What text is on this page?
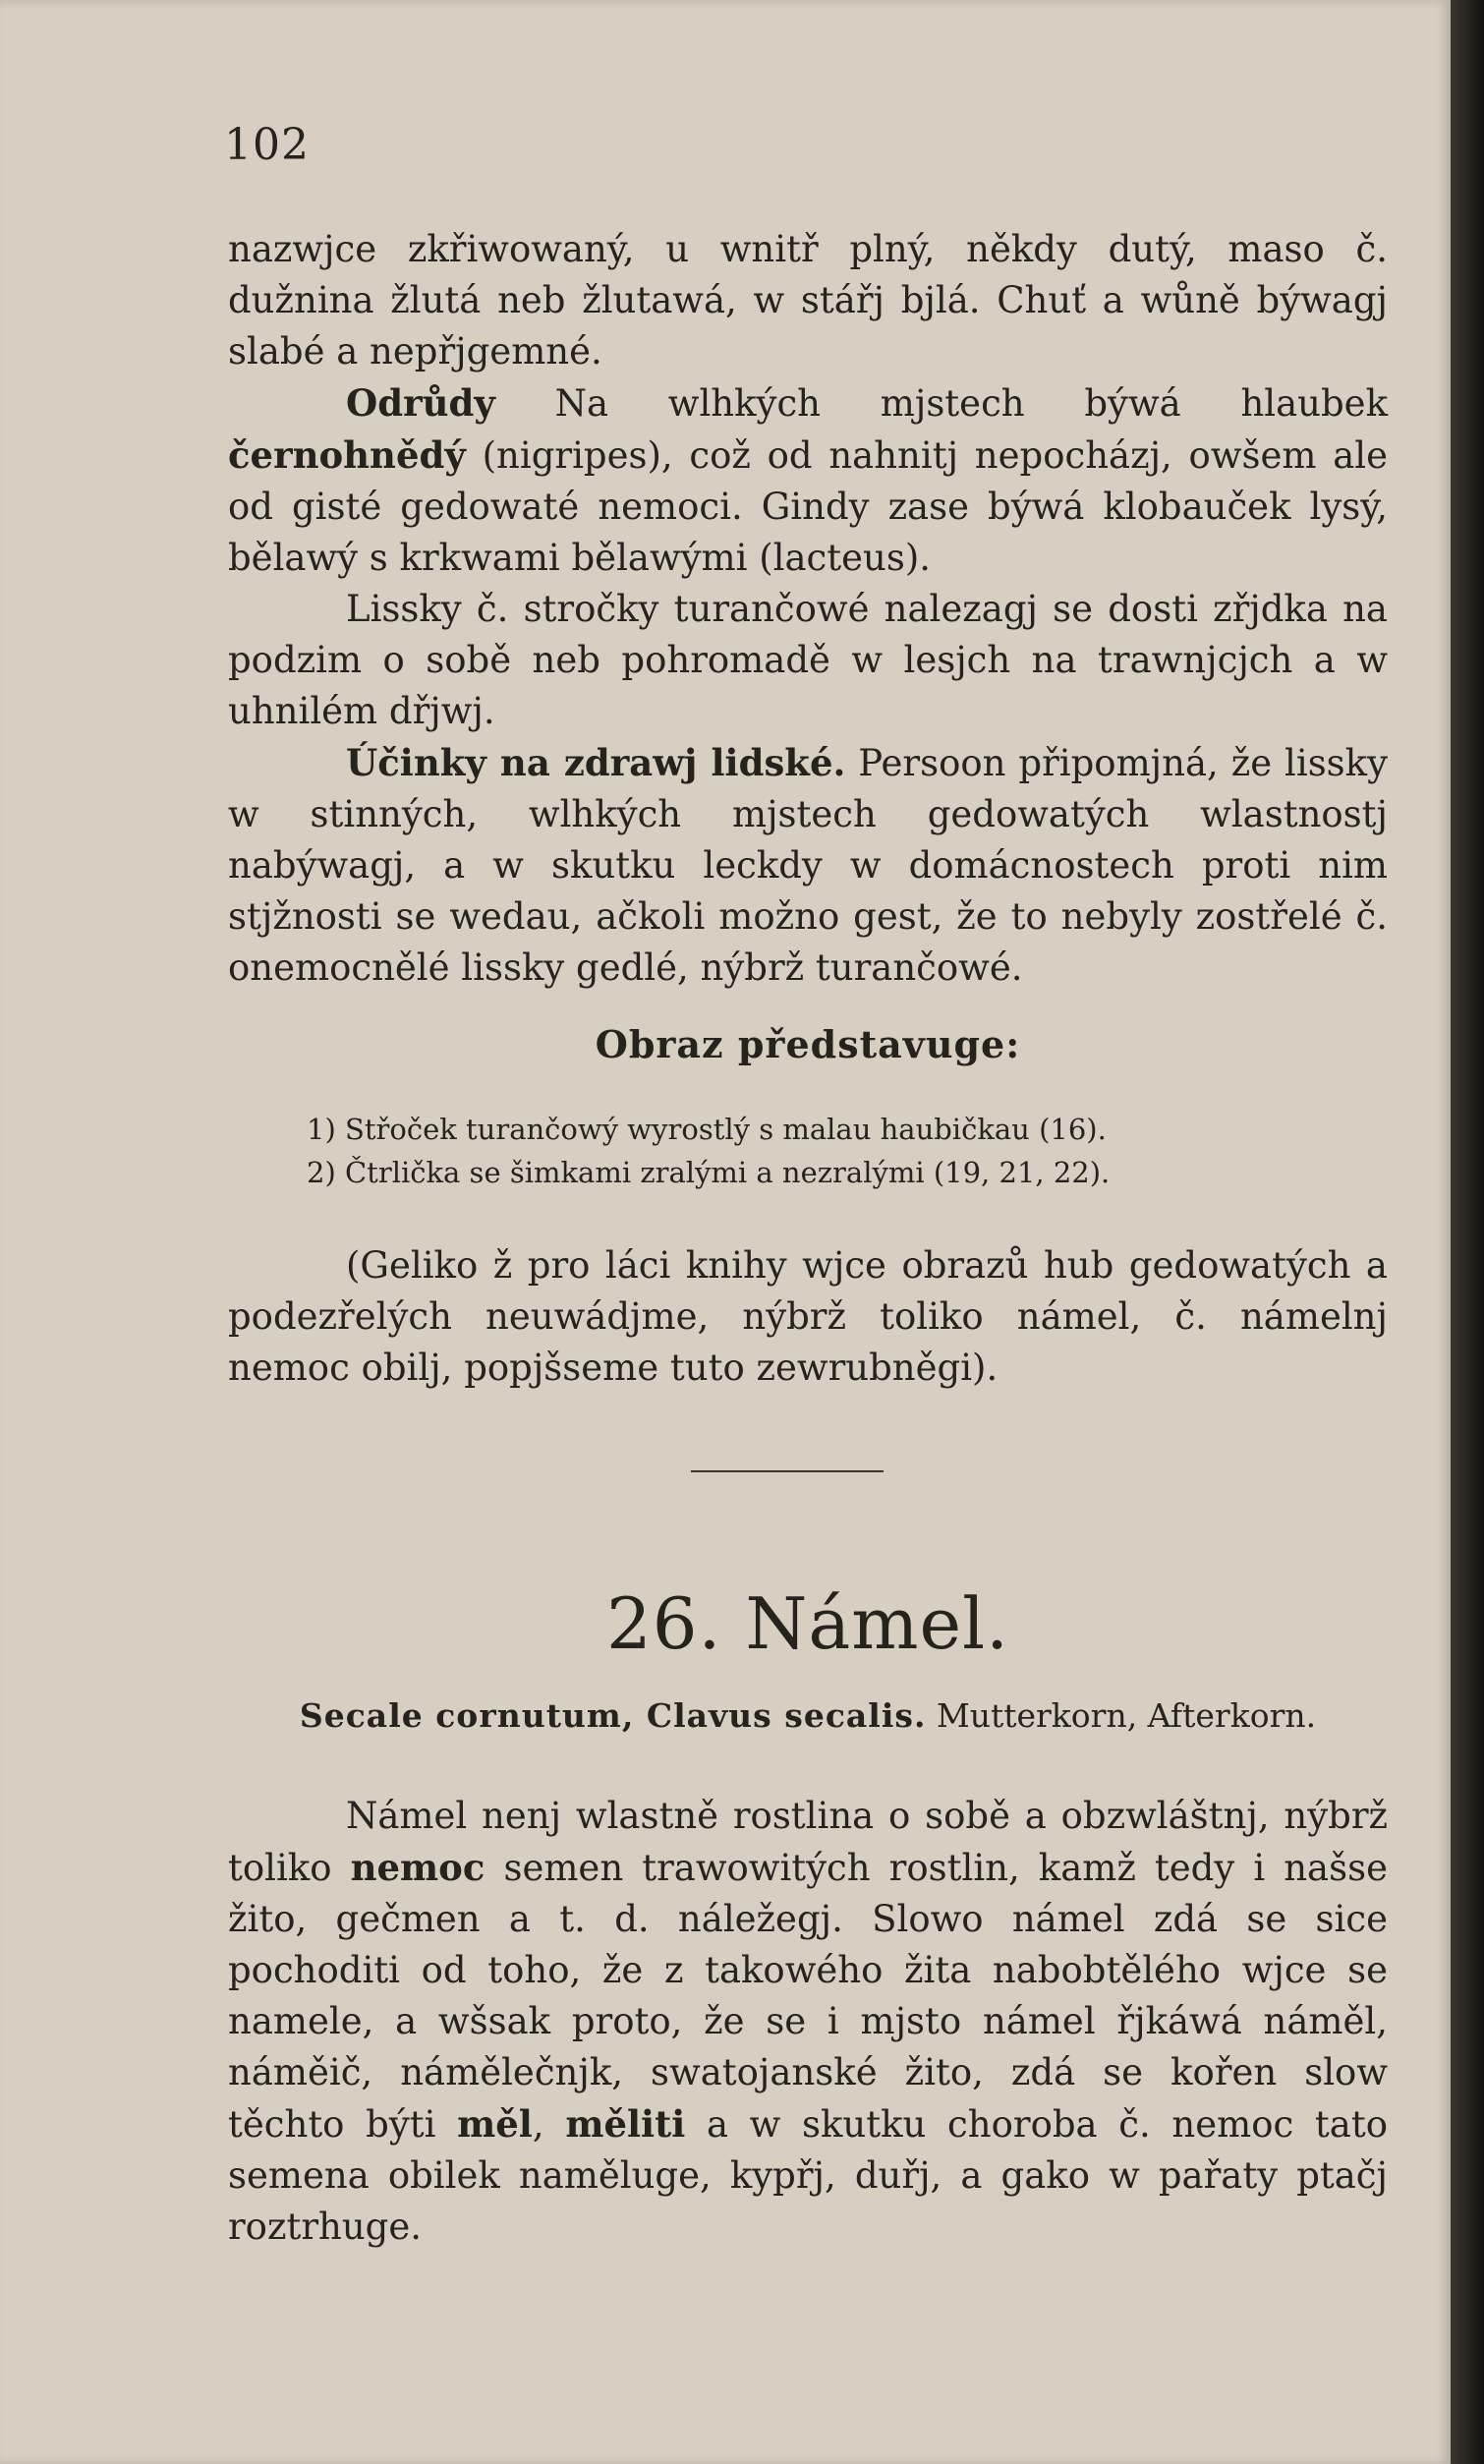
102

nazwjce zkřiwowaný, u wnitř plný, někdy dutý, maso č. dužnina žlutá neb žlutawá, w stářj bjlá. Chuť a wůně býwagj slabé a nepřjgemné.

Odrůdy Na wlhkých mjstech býwá hlaubek černohnědý (nigripes), což od nahnitj nepocházj, owšem ale od gisté gedowaté nemoci. Gindy zase býwá klobauček lysý, bělawý s krkwami bělawými (lacteus).

Lissky č. stročky turančowé nalezagj se dosti zřjdka na podzim o sobě neb pohromadě w lesjch na trawnjcjch a w uhnilém dřjwj.

Účinky na zdrawj lidské. Persoon připomjná, že lissky w stinných, wlhkých mjstech gedowatých wlastnostj nabýwagj, a w skutku leckdy w domácnostech proti nim stjžnosti se wedau, ačkoli možno gest, že to nebyly zostřelé č. onemocnělé lissky gedlé, nýbrž turančowé.

Obraz představuge:
1) Střoček turančowý wyrostlý s malau haubičkau (16).
2) Čtrlička se šimkami zralými a nezralými (19, 21, 22).

(Geliko ž pro láci knihy wjce obrazů hub gedowatých a podezřelých neuwádjme, nýbrž toliko námel, č. námelnj nemoc obilj, popjšseme tuto zewrubněgi).

26. Námel.
Secale cornutum, Clavus secalis. Mutterkorn, Afterkorn.

Námel nenj wlastně rostlina o sobě a obzwláštnj, nýbrž toliko nemoc semen trawowitých rostlin, kamž tedy i našse žito, gečmen a t. d. náležegj. Slowo námel zdá se sice pochoditi od toho, že z takowého žita nabobtělého wjce se namele, a wšsak proto, že se i mjsto námel řjkáwá náměl, náměič, námělečnjk, swatojanské žito, zdá se kořen slow těchto býti měl, měliti a w skutku choroba č. nemoc tato semena obilek naměluge, kypřj, duřj, a gako w pařaty ptačj roztrhuge.
